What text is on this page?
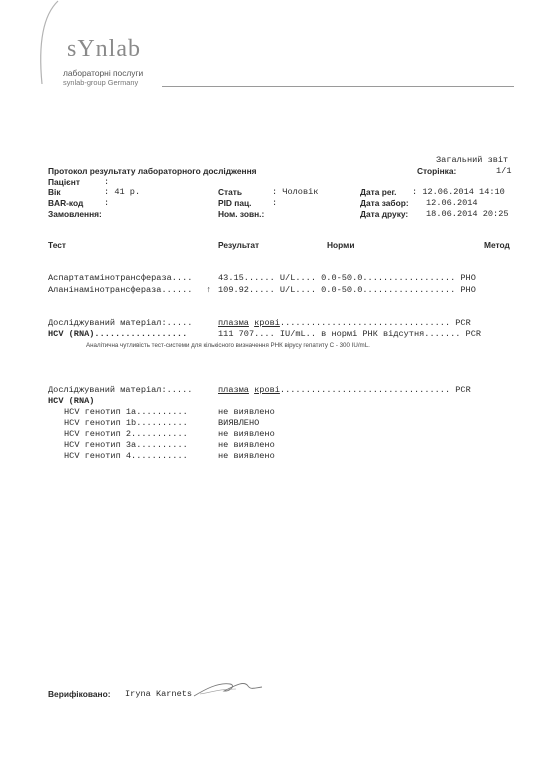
sYnlab
лабораторні послуги
synlab-group Germany
Загальний звіт
Протокол результату лабораторного дослідження	Сторінка:	1/1
Пацієнт	:
Вік	: 41 р.	Стать	: Чоловік	Дата рег. : 12.06.2014 14:10
BAR-код :	PID пац. :	Дата забор: 12.06.2014
Замовлення:	Ном. зовн.:	Дата друку: 18.06.2014 20:25
Тест	Результат	Норми	Метод
Аспартатамінотрансфераза....	43.15...... U/L.... 0.0-50.0.................. РНО
Аланінамінотрансфераза...... ↑ 109.92..... U/L.... 0.0-50.0.................. РНО
Досліджуваний матеріал:.....	плазма крові................................. PCR
HCV (RNA)..................	111 707.... IU/mL.. в нормі РНК відсутня....... PCR
Аналітична чутливість тест-системи для кількісного визначення РНК вірусу гепатиту С - 300 IU/mL.
Досліджуваний матеріал:.....	плазма крові................................. PCR
HCV (RNA)
HCV генотип 1a..........	не виявлено
HCV генотип 1b..........	ВИЯВЛЕНО
HCV генотип 2...........	не виявлено
HCV генотип 3a..........	не виявлено
HCV генотип 4...........	не виявлено
Верифіковано: Iryna Karnets
